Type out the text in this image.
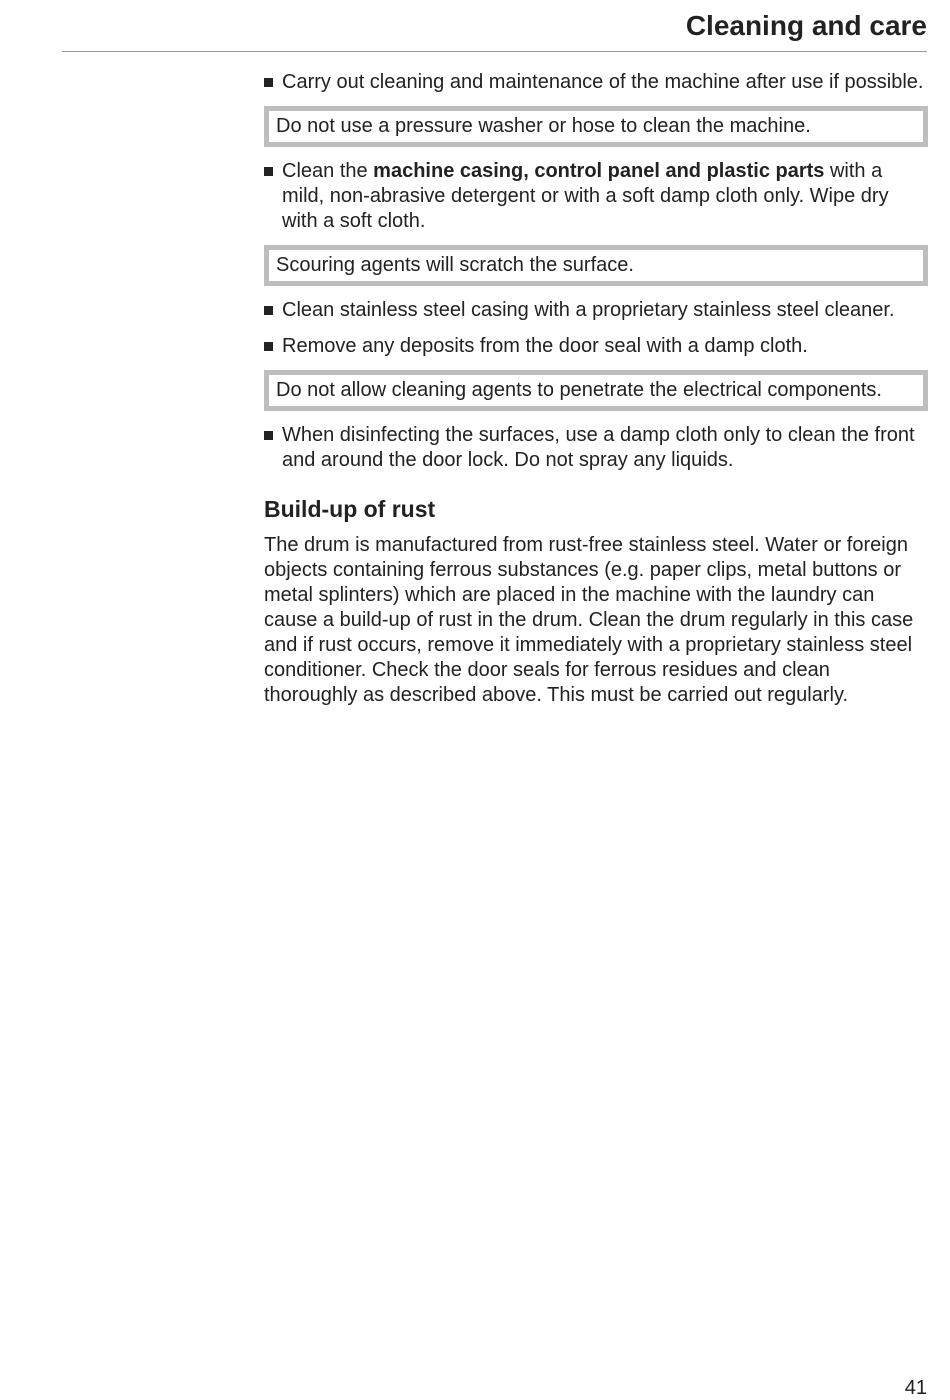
Cleaning and care
Carry out cleaning and maintenance of the machine after use if possible.
Do not use a pressure washer or hose to clean the machine.
Clean the machine casing, control panel and plastic parts with a mild, non-abrasive detergent or with a soft damp cloth only. Wipe dry with a soft cloth.
Scouring agents will scratch the surface.
Clean stainless steel casing with a proprietary stainless steel cleaner.
Remove any deposits from the door seal with a damp cloth.
Do not allow cleaning agents to penetrate the electrical components.
When disinfecting the surfaces, use a damp cloth only to clean the front and around the door lock. Do not spray any liquids.
Build-up of rust

The drum is manufactured from rust-free stainless steel. Water or foreign objects containing ferrous substances (e.g. paper clips, metal buttons or metal splinters) which are placed in the machine with the laundry can cause a build-up of rust in the drum. Clean the drum regularly in this case and if rust occurs, remove it immediately with a proprietary stainless steel conditioner. Check the door seals for ferrous residues and clean thoroughly as described above. This must be carried out regularly.

41
